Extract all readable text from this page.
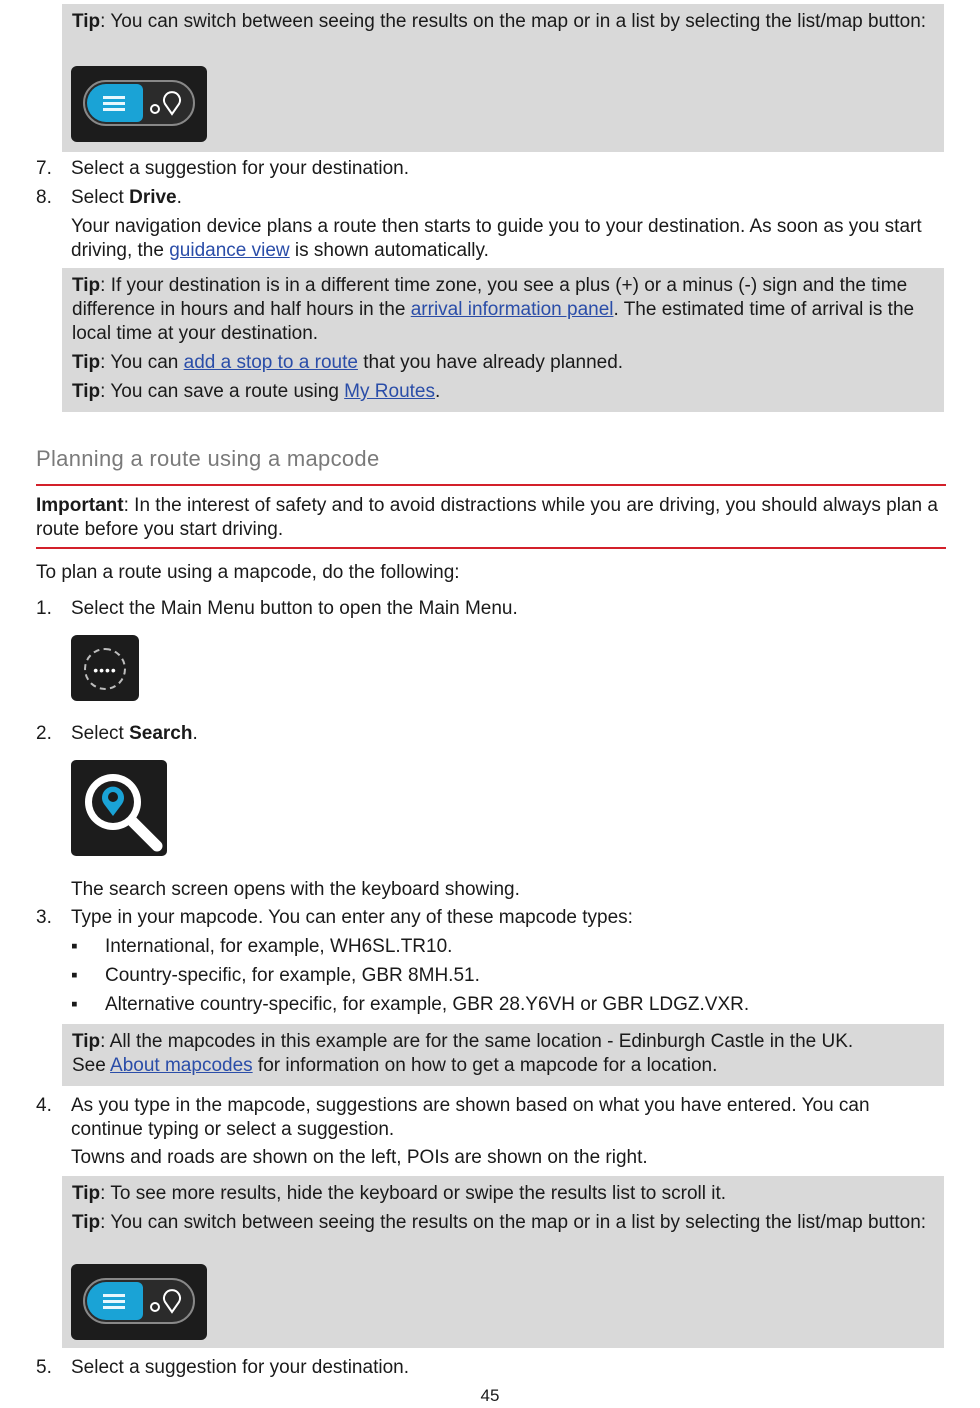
Tip: You can switch between seeing the results on the map or in a list by selecting the list/map button:

7. Select a suggestion for your destination.
8. Select Drive.
Your navigation device plans a route then starts to guide you to your destination. As soon as you start driving, the guidance view is shown automatically.

Tip: If your destination is in a different time zone, you see a plus (+) or a minus (-) sign and the time difference in hours and half hours in the arrival information panel. The estimated time of arrival is the local time at your destination.

Tip: You can add a stop to a route that you have already planned.

Tip: You can save a route using My Routes.

Planning a route using a mapcode
Important: In the interest of safety and to avoid distractions while you are driving, you should always plan a route before you start driving.
To plan a route using a mapcode, do the following:
1. Select the Main Menu button to open the Main Menu.
••••
2. Select Search.
The search screen opens with the keyboard showing.
3. Type in your mapcode. You can enter any of these mapcode types:
▪ International, for example, WH6SL.TR10.
▪ Country-specific, for example, GBR 8MH.51.
▪ Alternative country-specific, for example, GBR 28.Y6VH or GBR LDGZ.VXR.

Tip: All the mapcodes in this example are for the same location - Edinburgh Castle in the UK.
See About mapcodes for information on how to get a mapcode for a location.

4. As you type in the mapcode, suggestions are shown based on what you have entered. You can continue typing or select a suggestion.
Towns and roads are shown on the left, POIs are shown on the right.

Tip: To see more results, hide the keyboard or swipe the results list to scroll it.

Tip: You can switch between seeing the results on the map or in a list by selecting the list/map button:

5. Select a suggestion for your destination.
45
